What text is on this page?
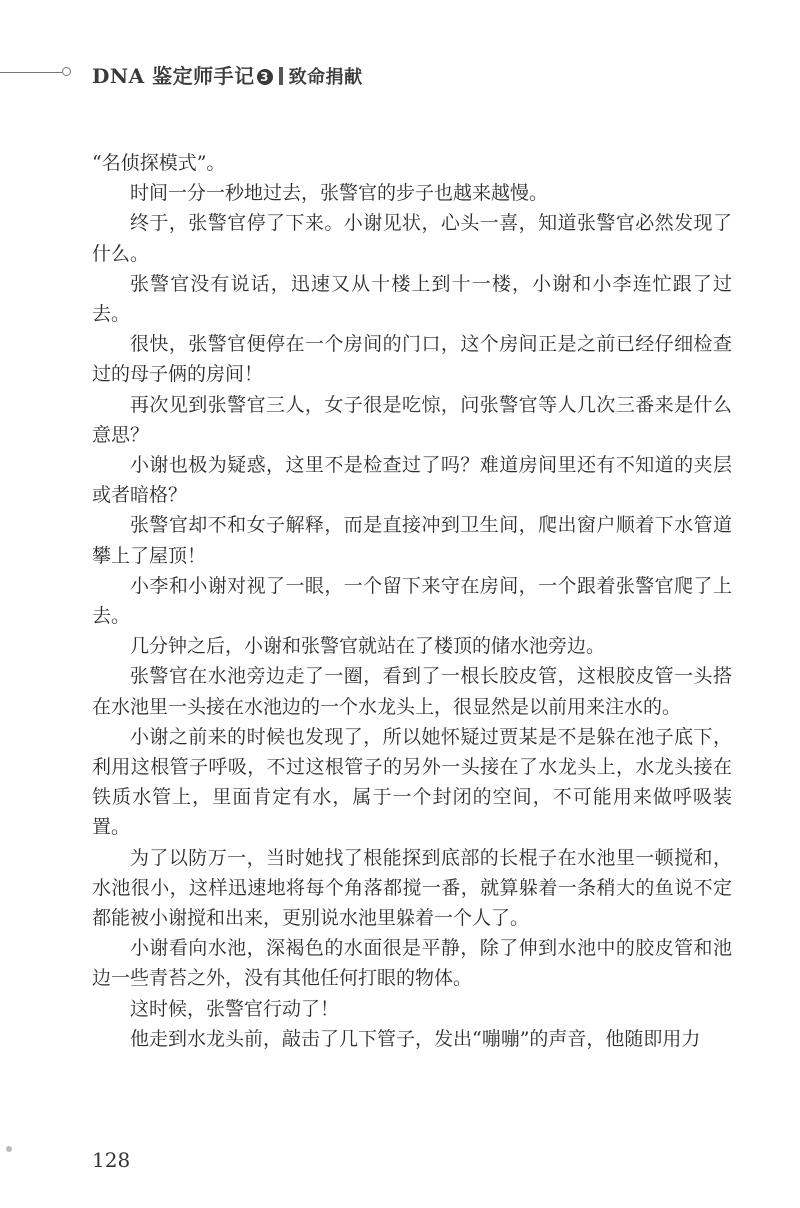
DNA 鉴定师手记 3 致命捐献

“名侦探模式”。

时间一分一秒地过去，张警官的步子也越来越慢。

终于，张警官停了下来。小谢见状，心头一喜，知道张警官必然发现了什么。

张警官没有说话，迅速又从十楼上到十一楼，小谢和小李连忙跟了过去。

很快，张警官便停在一个房间的门口，这个房间正是之前已经仔细检查过的母子俩的房间！

再次见到张警官三人，女子很是吃惊，问张警官等人几次三番来是什么意思？

小谢也极为疑惑，这里不是检查过了吗？难道房间里还有不知道的夹层或者暗格？

张警官却不和女子解释，而是直接冲到卫生间，爬出窗户顺着下水管道攀上了屋顶！

小李和小谢对视了一眼，一个留下来守在房间，一个跟着张警官爬了上去。

几分钟之后，小谢和张警官就站在了楼顶的储水池旁边。

张警官在水池旁边走了一圈，看到了一根长胶皮管，这根胶皮管一头搭在水池里一头接在水池边的一个水龙头上，很显然是以前用来注水的。

小谢之前来的时候也发现了，所以她怀疑过贾某是不是躲在池子底下，利用这根管子呼吸，不过这根管子的另外一头接在了水龙头上，水龙头接在铁质水管上，里面肯定有水，属于一个封闭的空间，不可能用来做呼吸装置。

为了以防万一，当时她找了根能探到底部的长棍子在水池里一顿搅和，水池很小，这样迅速地将每个角落都搅一番，就算躲着一条稍大的鱼说不定都能被小谢搅和出来，更别说水池里躲着一个人了。

小谢看向水池，深褐色的水面很是平静，除了伸到水池中的胶皮管和池边一些青苔之外，没有其他任何打眼的物体。

这时候，张警官行动了！

他走到水龙头前，敲击了几下管子，发出“嘣嘣”的声音，他随即用力

128
